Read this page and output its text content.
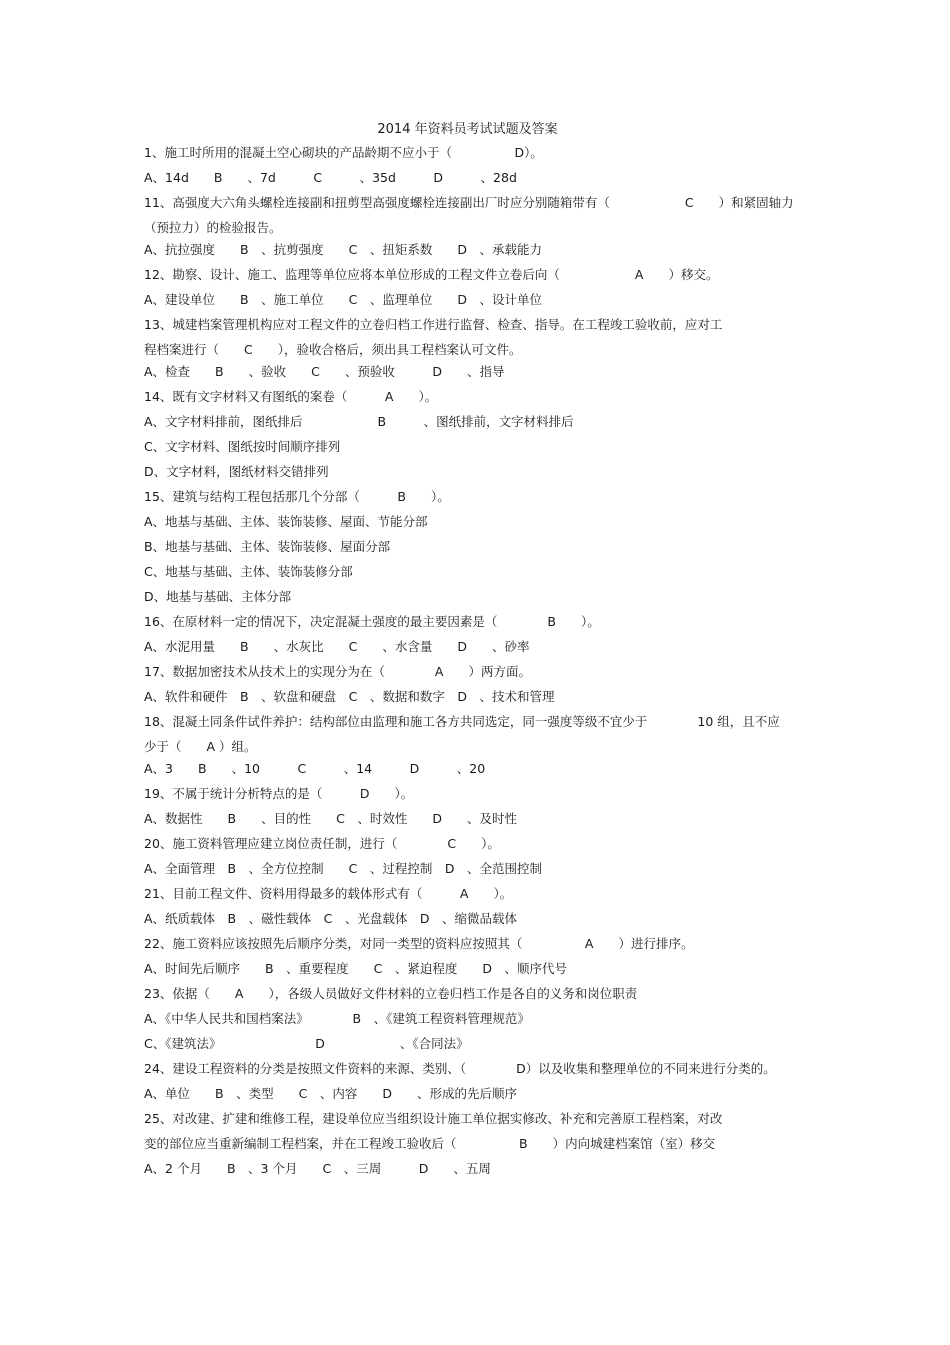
2014 年资料员考试试题及答案
1、施工时所用的混凝土空心砌块的产品龄期不应小于（　　　　　D）。
A、14d　　B　　、7d　　　C　　　、35d　　　D　　　、28d
11、高强度大六角头螺栓连接副和扭剪型高强度螺栓连接副出厂时应分别随箱带有（　　　　　　C　　）和紧固轴力
（预拉力）的检验报告。
A、抗拉强度　　B　、抗剪强度　　C　、扭矩系数　　D　、承载能力
12、勘察、设计、施工、监理等单位应将本单位形成的工程文件立卷后向（　　　　　　A　　）移交。
A、建设单位　　B　、施工单位　　C　、监理单位　　D　、设计单位
13、城建档案管理机构应对工程文件的立卷归档工作进行监督、检查、指导。在工程竣工验收前，应对工
程档案进行（　　C　　），验收合格后，须出具工程档案认可文件。
A、检查　　B　　、验收　　C　　、预验收　　　D　　、指导
14、既有文字材料又有图纸的案卷（　　　A　　）。
A、文字材料排前，图纸排后　　　　　　B　　　、图纸排前，文字材料排后
C、文字材料、图纸按时间顺序排列
D、文字材料，图纸材料交错排列
15、建筑与结构工程包括那几个分部（　　　B　　）。
A、地基与基础、主体、装饰装修、屋面、节能分部
B、地基与基础、主体、装饰装修、屋面分部
C、地基与基础、主体、装饰装修分部
D、地基与基础、主体分部
16、在原材料一定的情况下，决定混凝土强度的最主要因素是（　　　　B　　）。
A、水泥用量　　B　　、水灰比　　C　　、水含量　　D　　、砂率
17、数据加密技术从技术上的实现分为在（　　　　A　　）两方面。
A、软件和硬件　B　、软盘和硬盘　C　、数据和数字　D　、技术和管理
18、混凝土同条件试件养护：结构部位由监理和施工各方共同选定，同一强度等级不宜少于　　　　10 组，且不应
少于（　　A ）组。
A、3　　B　　、10　　　C　　　、14　　　D　　　、20
19、不属于统计分析特点的是（　　　D　　）。
A、数据性　　B　　、目的性　　C　、时效性　　D　　、及时性
20、施工资料管理应建立岗位责任制，进行（　　　　C　　）。
A、全面管理　B　、全方位控制　　C　、过程控制　D　、全范围控制
21、目前工程文件、资料用得最多的载体形式有（　　　A　　）。
A、纸质载体　B　、磁性载体　C　、光盘载体　D　、缩微品载体
22、施工资料应该按照先后顺序分类，对同一类型的资料应按照其（　　　　　A　　）进行排序。
A、时间先后顺序　　B　、重要程度　　C　、紧迫程度　　D　、顺序代号
23、依据（　　A　　），各级人员做好文件材料的立卷归档工作是各自的义务和岗位职责
A、《中华人民共和国档案法》　　　　B　、《建筑工程资料管理规范》
C、《建筑法》　　　　　　　　D　　　　　　、《合同法》
24、建设工程资料的分类是按照文件资料的来源、类别、（　　　　D）以及收集和整理单位的不同来进行分类的。
A、单位　　B　、类型　　C　、内容　　D　　、形成的先后顺序
25、对改建、扩建和维修工程，建设单位应当组织设计施工单位据实修改、补充和完善原工程档案，对改
变的部位应当重新编制工程档案，并在工程竣工验收后（　　　　　B　　）内向城建档案馆（室）移交
A、2 个月　　B　、3 个月　　C　、三周　　　D　　、五周
